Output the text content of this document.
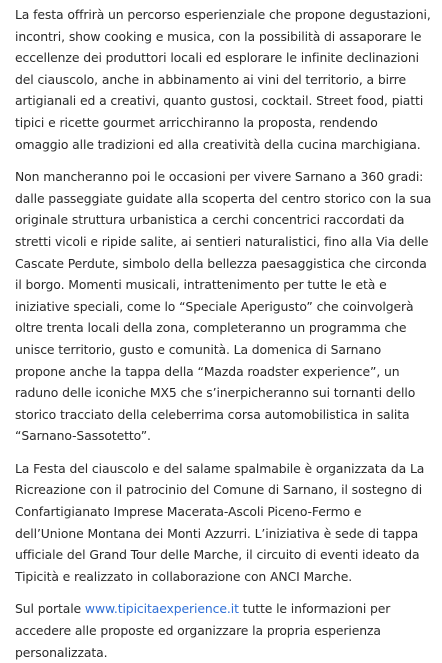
La festa offrirà un percorso esperienziale che propone degustazioni, incontri, show cooking e musica, con la possibilità di assaporare le eccellenze dei produttori locali ed esplorare le infinite declinazioni del ciauscolo, anche in abbinamento ai vini del territorio, a birre artigianali ed a creativi, quanto gustosi, cocktail. Street food, piatti tipici e ricette gourmet arricchiranno la proposta, rendendo omaggio alle tradizioni ed alla creatività della cucina marchigiana.

Non mancheranno poi le occasioni per vivere Sarnano a 360 gradi: dalle passeggiate guidate alla scoperta del centro storico con la sua originale struttura urbanistica a cerchi concentrici raccordati da stretti vicoli e ripide salite, ai sentieri naturalistici, fino alla Via delle Cascate Perdute, simbolo della bellezza paesaggistica che circonda il borgo. Momenti musicali, intrattenimento per tutte le età e iniziative speciali, come lo “Speciale Aperigusto” che coinvolgerà oltre trenta locali della zona, completeranno un programma che unisce territorio, gusto e comunità. La domenica di Sarnano propone anche la tappa della “Mazda roadster experience”, un raduno delle iconiche MX5 che s’inerpicheranno sui tornanti dello storico tracciato della celeberrima corsa automobilistica in salita “Sarnano-Sassotetto”.

La Festa del ciauscolo e del salame spalmabile è organizzata da La Ricreazione con il patrocinio del Comune di Sarnano, il sostegno di Confartigianato Imprese Macerata-Ascoli Piceno-Fermo e dell’Unione Montana dei Monti Azzurri. L’iniziativa è sede di tappa ufficiale del Grand Tour delle Marche, il circuito di eventi ideato da Tipicità e realizzato in collaborazione con ANCI Marche.

Sul portale www.tipicitaexperience.it tutte le informazioni per accedere alle proposte ed organizzare la propria esperienza personalizzata.
